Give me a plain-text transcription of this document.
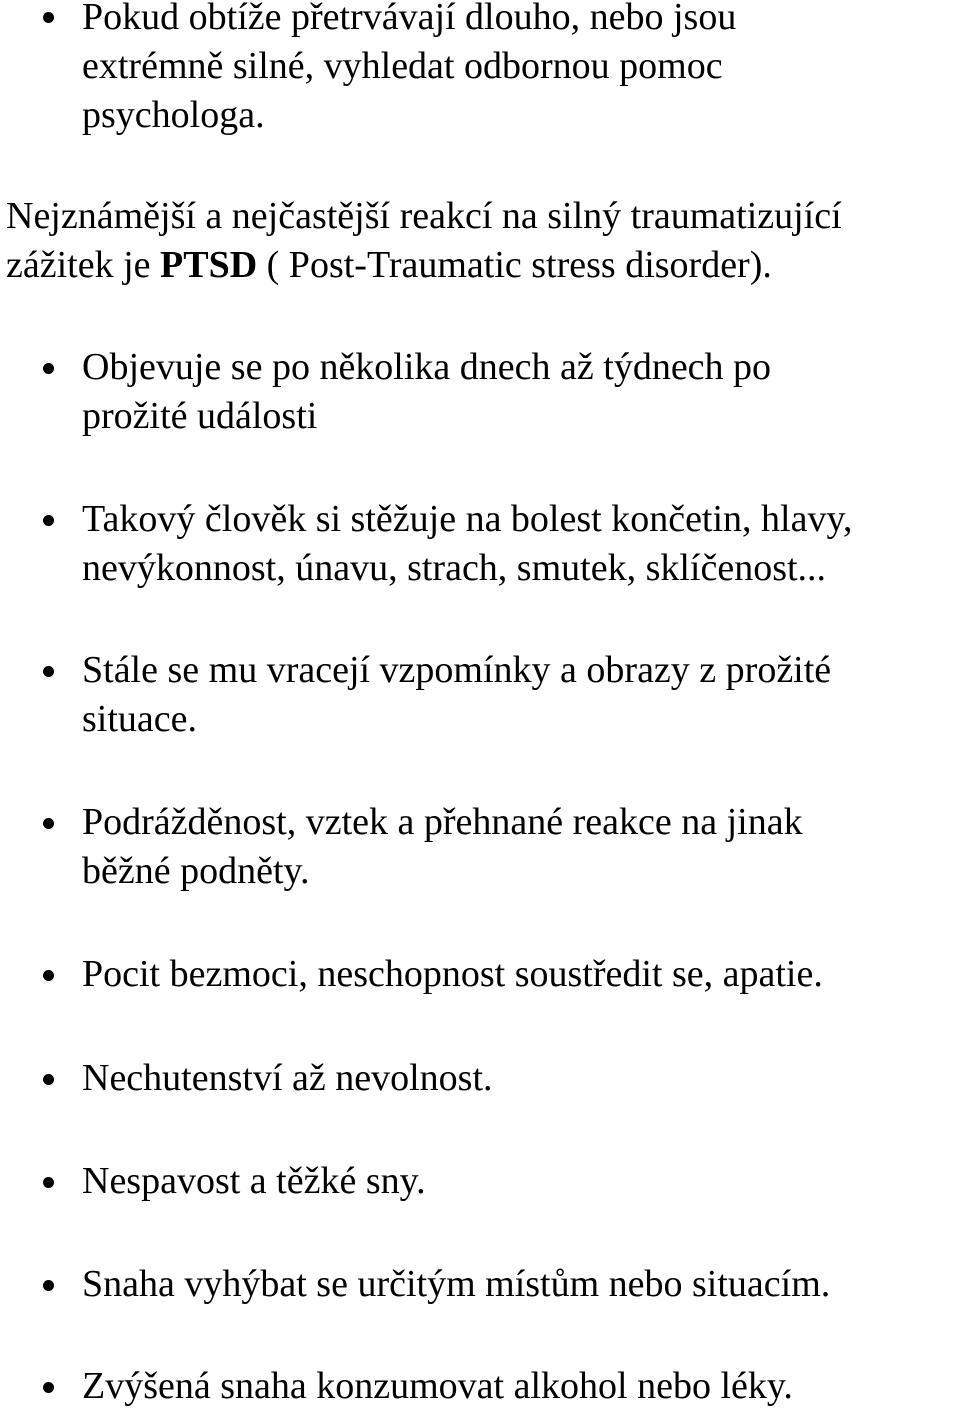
Pokud obtíže přetrvávají dlouho, nebo jsou
extrémně silné, vyhledat odbornou pomoc
psychologa.

Nejznámější a nejčastější reakcí na silný traumatizující
zážitek je PTSD ( Post-Traumatic stress disorder).

Objevuje se po několika dnech až týdnech po
prožité události

Takový člověk si stěžuje na bolest končetin, hlavy,
nevýkonnost, únavu, strach, smutek, sklíčenost...

Stále se mu vracejí vzpomínky a obrazy z prožité
situace.

Podrážděnost, vztek a přehnané reakce na jinak
běžné podněty.

Pocit bezmoci, neschopnost soustředit se, apatie.

Nechutenství až nevolnost.

Nespavost a těžké sny.

Snaha vyhýbat se určitým místům nebo situacím.

Zvýšená snaha konzumovat alkohol nebo léky.
